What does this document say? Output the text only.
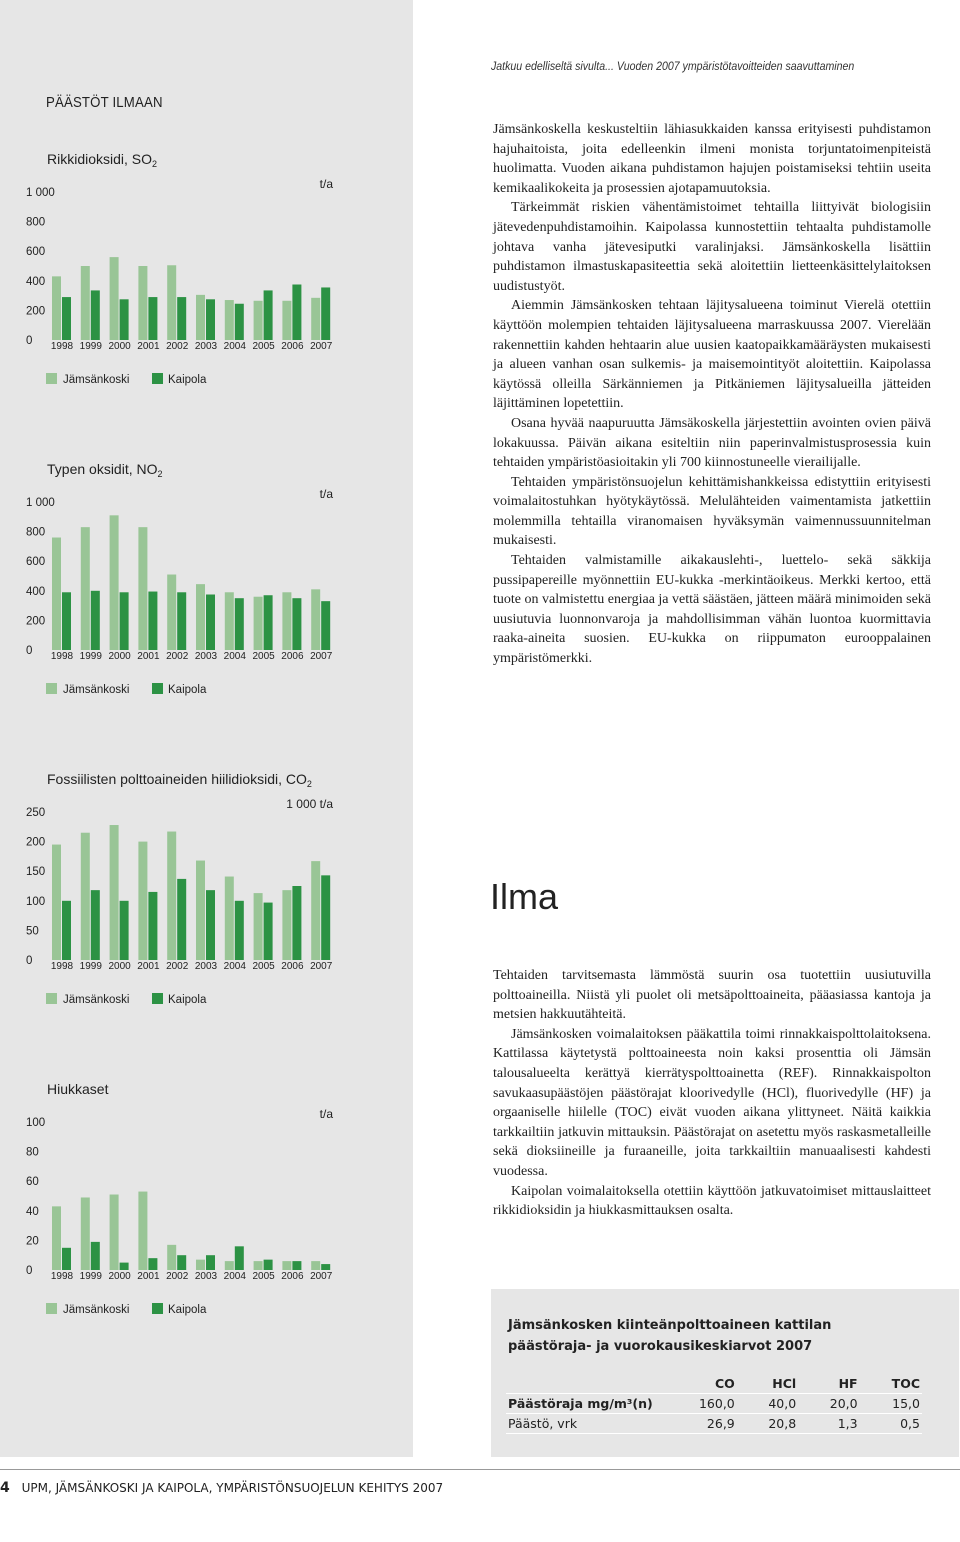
PÄÄSTÖT ILMAAN
Rikkidioksidi, $SO_2$
t/a
0
200
400
600
800
1 000
1998 1999 2000 2001 2002 2003 2004 2005 2006 2007
Jämsänkoski	Kaipola
Typen oksidit, $NO_2$
t/a
0
200
400
600
800
1 000
1998 1999 2000 2001 2002 2003 2004 2005 2006 2007
Jämsänkoski	Kaipola
Fossiilisten polttoaineiden hiilidioksidi, $CO_2$
1 000 t/a
0
50
100
150
200
250
1998 1999 2000 2001 2002 2003 2004 2005 2006 2007
Jämsänkoski	Kaipola
Hiukkaset
t/a
0
20
40
60
80
100
1998 1999 2000 2001 2002 2003 2004 2005 2006 2007
Jämsänkoski	Kaipola
Jatkuu edelliseltä sivulta... Vuoden 2007 ympäristötavoitteiden saavuttaminen

Jämsänkoskella keskusteltiin lähiasukkaiden kanssa erityisesti puhdistamon hajuhaitoista, joita edelleenkin ilmeni monista torjuntatoimenpiteistä huolimatta. Vuoden aikana puhdistamon hajujen poistamiseksi tehtiin useita kemikaalikokeita ja prosessien ajotapamuutoksia.

Tärkeimmät riskien vähentämistoimet tehtailla liittyivät biologisiin jätevedenpuhdistamoihin. Kaipolassa kunnostettiin tehtaalta puhdistamolle johtava vanha jätevesiputki varalinjaksi. Jämsänkoskella lisättiin puhdistamon ilmastuskapasiteettia sekä aloitettiin lietteenkäsittelylaitoksen uudistustyöt.

Aiemmin Jämsänkosken tehtaan läjitysalueena toiminut Vierelä otettiin käyttöön molempien tehtaiden läjitysalueena marraskuussa 2007. Vierelään rakennettiin kahden hehtaarin alue uusien kaatopaikkamääräysten mukaisesti ja alueen vanhan osan sulkemis- ja maisemointityöt aloitettiin. Kaipolassa käytössä olleilla Särkänniemen ja Pitkäniemen läjitysalueilla jätteiden läjittäminen lopetettiin.

Osana hyvää naapuruutta Jämsäkoskella järjestettiin avointen ovien päivä lokakuussa. Päivän aikana esiteltiin niin paperinvalmistusprosessia kuin tehtaiden ympäristöasioitakin yli 700 kiinnostuneelle vierailijalle.

Tehtaiden ympäristönsuojelun kehittämishankkeissa edistyttiin erityisesti voimalaitostuhkan hyötykäytössä. Melulähteiden vaimentamista jatkettiin molemmilla tehtailla viranomaisen hyväksymän vaimennussuunnitelman mukaisesti.

Tehtaiden valmistamille aikakauslehti-, luettelo- sekä säkkija pussipapereille myönnettiin EU-kukka -merkintäoikeus. Merkki kertoo, että tuote on valmistettu energiaa ja vettä säästäen, jätteen määrä minimoiden sekä uusiutuvia luonnonvaroja ja mahdollisimman vähän luontoa kuormittavia raaka-aineita suosien. EU-kukka on riippumaton eurooppalainen ympäristömerkki.

Ilma

Tehtaiden tarvitsemasta lämmöstä suurin osa tuotettiin uusiutuvilla polttoaineilla. Niistä yli puolet oli metsäpolttoaineita, pääasiassa kantoja ja metsien hakkuutähteitä.

Jämsänkosken voimalaitoksen pääkattila toimi rinnakkaispolttolaitoksena. Kattilassa käytetystä polttoaineesta noin kaksi prosenttia oli Jämsän talousalueelta kerättyä kierrätyspolttoainetta (REF). Rinnakkaispolton savukaasupäästöjen päästörajat kloorivedylle (HCl), fluorivedylle (HF) ja orgaaniselle hiilelle (TOC) eivät vuoden aikana ylittyneet. Näitä kaikkia tarkkailtiin jatkuvin mittauksin. Päästörajat on asetettu myös raskasmetalleille sekä dioksiineille ja furaaneille, joita tarkkailtiin manuaalisesti kahdesti vuodessa.

Kaipolan voimalaitoksella otettiin käyttöön jatkuvatoimiset mittauslaitteet rikkidioksidin ja hiukkasmittauksen osalta.

Jämsänkosken kiinteänpolttoaineen kattilan päästöraja- ja vuorokausikeskiarvot 2007
	CO	HCl	HF	TOC
Päästöraja mg/m³(n)	160,0	40,0	20,0	15,0
Päästö, vrk	26,9	20,8	1,3	0,5
4 UPM, JÄMSÄNKOSKI JA KAIPOLA, YMPÄRISTÖNSUOJELUN KEHITYS 2007
